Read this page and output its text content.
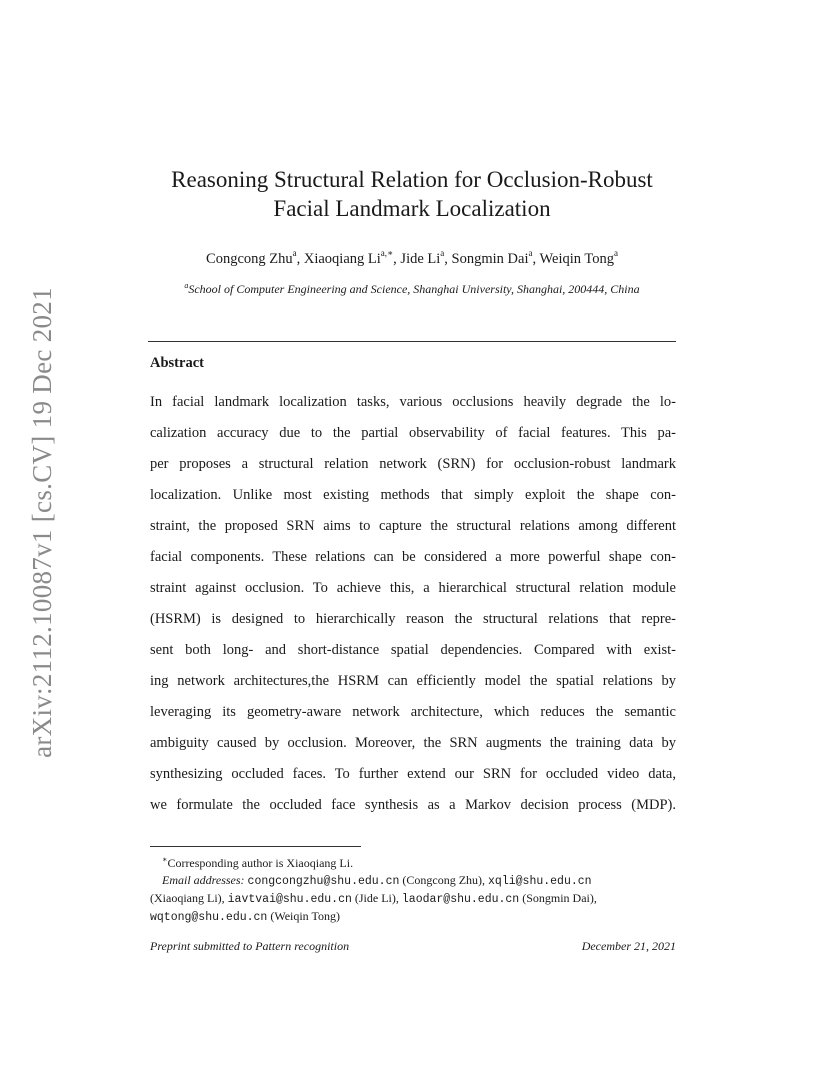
arXiv:2112.10087v1 [cs.CV] 19 Dec 2021
Reasoning Structural Relation for Occlusion-Robust
Facial Landmark Localization
Congcong Zhu$^a$, Xiaoqiang $Li^{a,∗}$, Jide Li$^a$, Songmin Dai$^a$, Weiqin Tong$^a$
$^a$School of Computer Engineering and Science, Shanghai University, Shanghai, 200444, China
Abstract
In facial landmark localization tasks, various occlusions heavily degrade the lo-
calization accuracy due to the partial observability of facial features. This pa-
per proposes a structural relation network (SRN) for occlusion-robust landmark
localization. Unlike most existing methods that simply exploit the shape con-
straint, the proposed SRN aims to capture the structural relations among different
facial components. These relations can be considered a more powerful shape con-
straint against occlusion. To achieve this, a hierarchical structural relation module
(HSRM) is designed to hierarchically reason the structural relations that repre-
sent both long- and short-distance spatial dependencies. Compared with exist-
ing network architectures,the HSRM can efficiently model the spatial relations by
leveraging its geometry-aware network architecture, which reduces the semantic
ambiguity caused by occlusion. Moreover, the SRN augments the training data by
synthesizing occluded faces. To further extend our SRN for occluded video data,
we formulate the occluded face synthesis as a Markov decision process (MDP).
∗Corresponding author is Xiaoqiang Li.
Email addresses: congcongzhu@shu.edu.cn (Congcong Zhu), xqli@shu.edu.cn
(Xiaoqiang Li), iavtvai@shu.edu.cn (Jide Li), laodar@shu.edu.cn (Songmin Dai),
wqtong@shu.edu.cn (Weiqin Tong)
Preprint submitted to Pattern recognition	December 21, 2021
